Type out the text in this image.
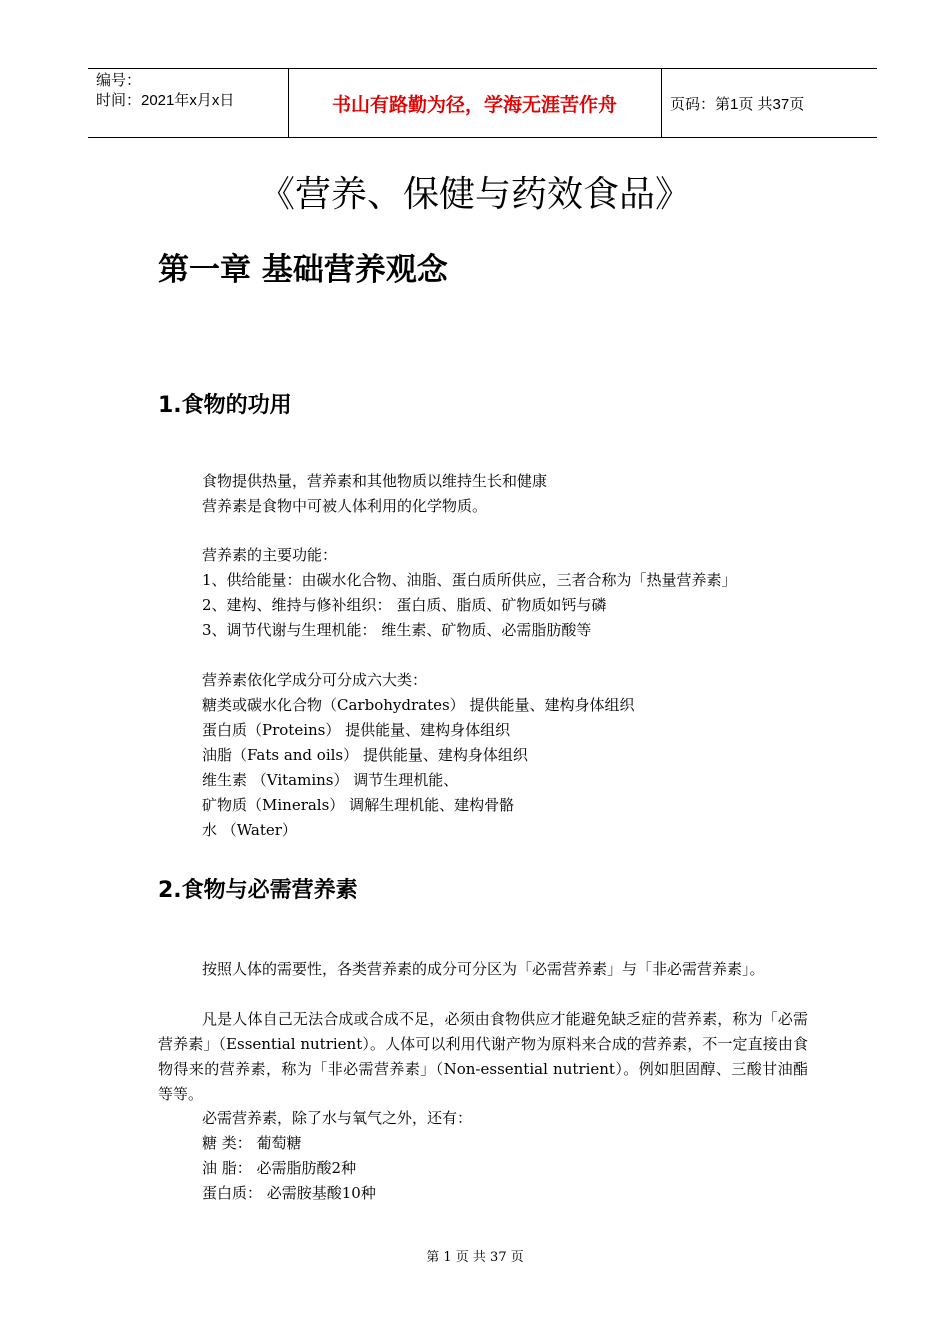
编号：
时间：2021年x月x日	书山有路勤为径，学海无涯苦作舟	页码：第1页 共37页
《营养、保健与药效食品》
第一章 基础营养观念
1.食物的功用
食物提供热量，营养素和其他物质以维持生长和健康
营养素是食物中可被人体利用的化学物质。
营养素的主要功能：
1、供给能量：由碳水化合物、油脂、蛋白质所供应，三者合称为「热量营养素」
2、建构、维持与修补组织： 蛋白质、脂质、矿物质如钙与磷
3、调节代谢与生理机能： 维生素、矿物质、必需脂肪酸等
营养素依化学成分可分成六大类：
糖类或碳水化合物（Carbohydrates） 提供能量、建构身体组织
蛋白质（Proteins） 提供能量、建构身体组织
油脂（Fats and oils） 提供能量、建构身体组织
维生素 （Vitamins） 调节生理机能、
矿物质（Minerals） 调解生理机能、建构骨骼
水 （Water）
2.食物与必需营养素
按照人体的需要性，各类营养素的成分可分区为「必需营养素」与「非必需营养素」。
凡是人体自己无法合成或合成不足，必须由食物供应才能避免缺乏症的营养素，称为「必需营养素」（Essential nutrient）。人体可以利用代谢产物为原料来合成的营养素，不一定直接由食物得来的营养素，称为「非必需营养素」（Non-essential nutrient）。例如胆固醇、三酸甘油酯等等。
必需营养素，除了水与氧气之外，还有：
糖 类： 葡萄糖
油 脂： 必需脂肪酸2种
蛋白质： 必需胺基酸10种
第 1 页 共 37 页
